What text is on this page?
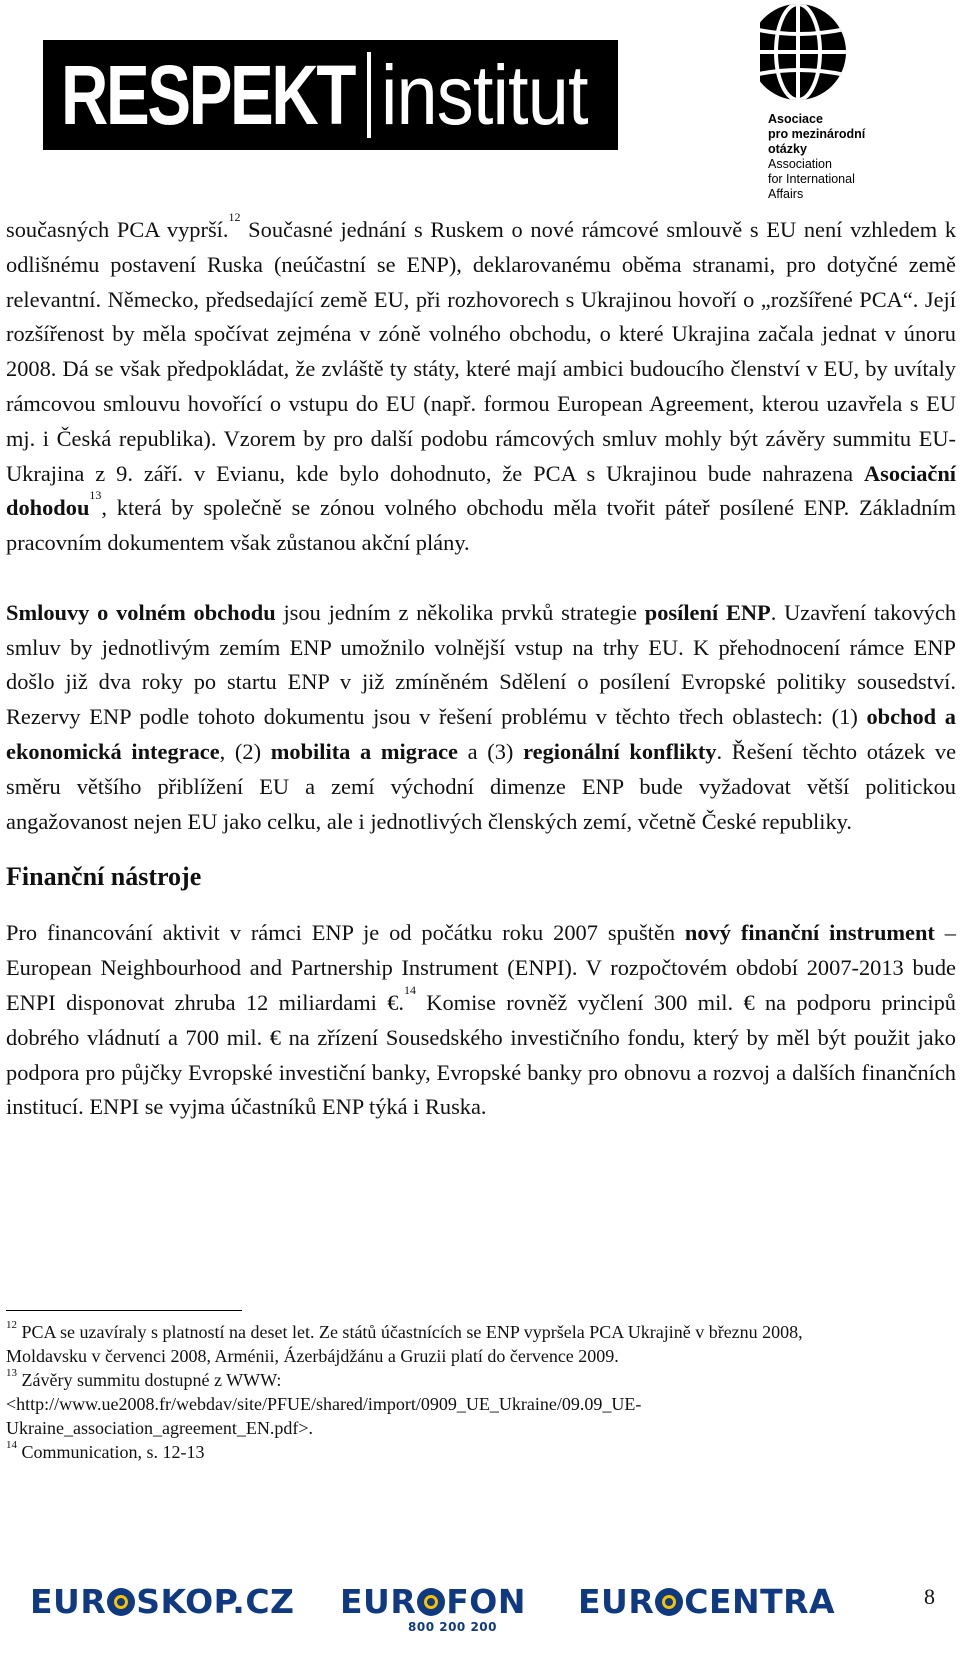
RESPEKT institut	Asociace
pro mezinárodní
otázky
Association
for International
Affairs

současných PCA vyprší.$^{12}$ Současné jednání s Ruskem o nové rámcové smlouvě s EU není vzhledem k odlišnému postavení Ruska (neúčastní se ENP), deklarovanému oběma stranami, pro dotyčné země relevantní. Německo, předsedající země EU, při rozhovorech s Ukrajinou hovoří o „rozšířené PCA“. Její rozšířenost by měla spočívat zejména v zóně volného obchodu, o které Ukrajina začala jednat v únoru 2008. Dá se však předpokládat, že zvláště ty státy, které mají ambici budoucího členství v EU, by uvítaly rámcovou smlouvu hovořící o vstupu do EU (např. formou European Agreement, kterou uzavřela s EU mj. i Česká republika). Vzorem by pro další podobu rámcových smluv mohly být závěry summitu EU-Ukrajina z 9. září. v Evianu, kde bylo dohodnuto, že PCA s Ukrajinou bude nahrazena Asociační dohodou$^{13}$, která by společně se zónou volného obchodu měla tvořit páteř posílené ENP. Základním pracovním dokumentem však zůstanou akční plány.

Smlouvy o volném obchodu jsou jedním z několika prvků strategie posílení ENP. Uzavření takových smluv by jednotlivým zemím ENP umožnilo volnější vstup na trhy EU. K přehodnocení rámce ENP došlo již dva roky po startu ENP v již zmíněném Sdělení o posílení Evropské politiky sousedství. Rezervy ENP podle tohoto dokumentu jsou v řešení problému v těchto třech oblastech: (1) obchod a ekonomická integrace, (2) mobilita a migrace a (3) regionální konflikty. Řešení těchto otázek ve směru většího přiblížení EU a zemí východní dimenze ENP bude vyžadovat větší politickou angažovanost nejen EU jako celku, ale i jednotlivých členských zemí, včetně České republiky.

Finanční nástroje

Pro financování aktivit v rámci ENP je od počátku roku 2007 spuštěn nový finanční instrument – European Neighbourhood and Partnership Instrument (ENPI). V rozpočtovém období 2007-2013 bude ENPI disponovat zhruba 12 miliardami €.$^{14}$ Komise rovněž vyčlení 300 mil. € na podporu principů dobrého vládnutí a 700 mil. € na zřízení Sousedského investičního fondu, který by měl být použit jako podpora pro půjčky Evropské investiční banky, Evropské banky pro obnovu a rozvoj a dalších finančních institucí. ENPI se vyjma účastníků ENP týká i Ruska.

$^{12}$ PCA se uzavíraly s platností na deset let. Ze států účastnících se ENP vypršela PCA Ukrajině v březnu 2008, Moldavsku v červenci 2008, Arménii, Ázerbájdžánu a Gruzii platí do července 2009.
$^{13}$ Závěry summitu dostupné z WWW: <http://www.ue2008.fr/webdav/site/PFUE/shared/import/0909_UE_Ukraine/09.09_UE-Ukraine_association_agreement_EN.pdf>.
$^{14}$ Communication, s. 12-13
EUR SKOP.CZ EUR FON
800 200 200
EUR CENTRA	8
